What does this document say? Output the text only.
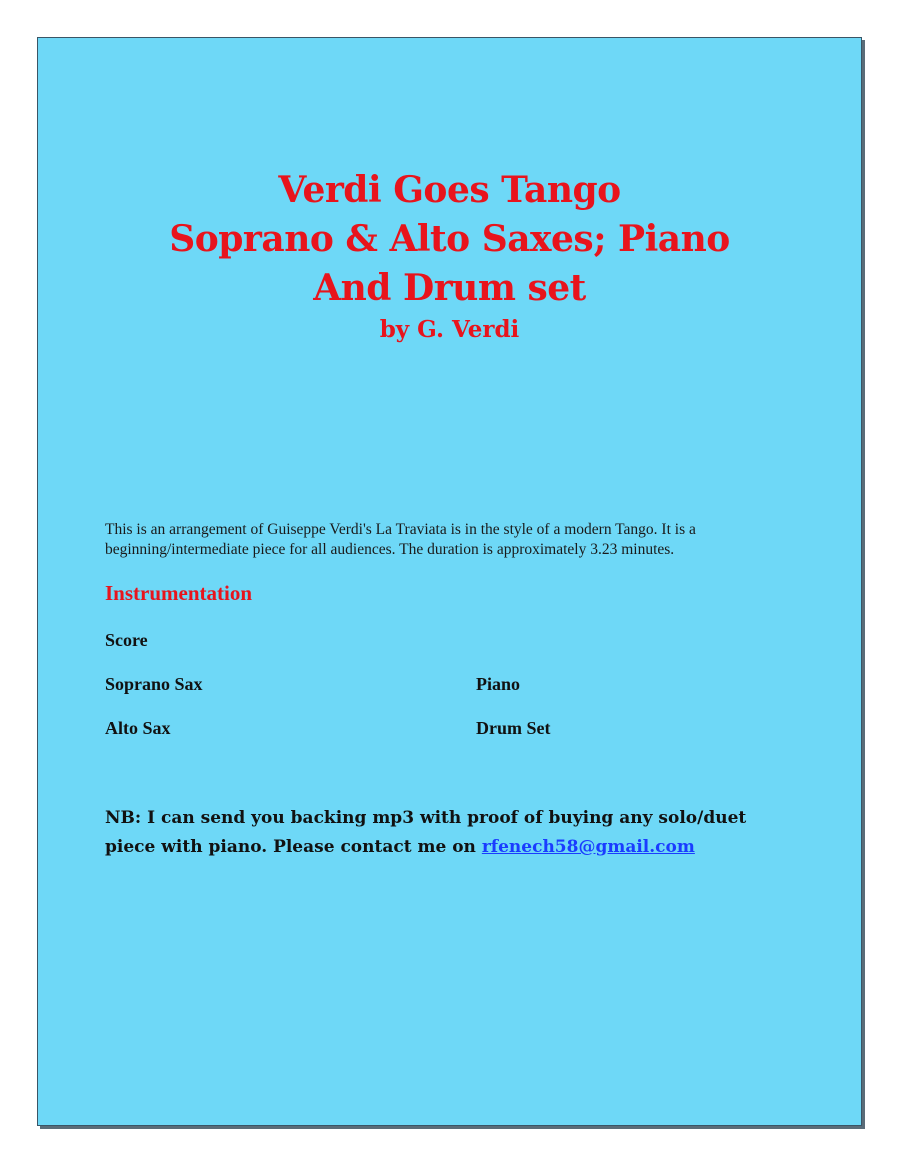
Verdi Goes Tango
Soprano & Alto Saxes; Piano
And Drum set
by G. Verdi
This is an arrangement of Guiseppe Verdi's La Traviata is in the style of a modern Tango. It is a
beginning/intermediate piece for all audiences. The duration is approximately 3.23 minutes.
Instrumentation
Score
Soprano Sax	Piano
Alto Sax	Drum Set
NB: I can send you backing mp3 with proof of buying any solo/duet
piece with piano. Please contact me on rfenech58@gmail.com
